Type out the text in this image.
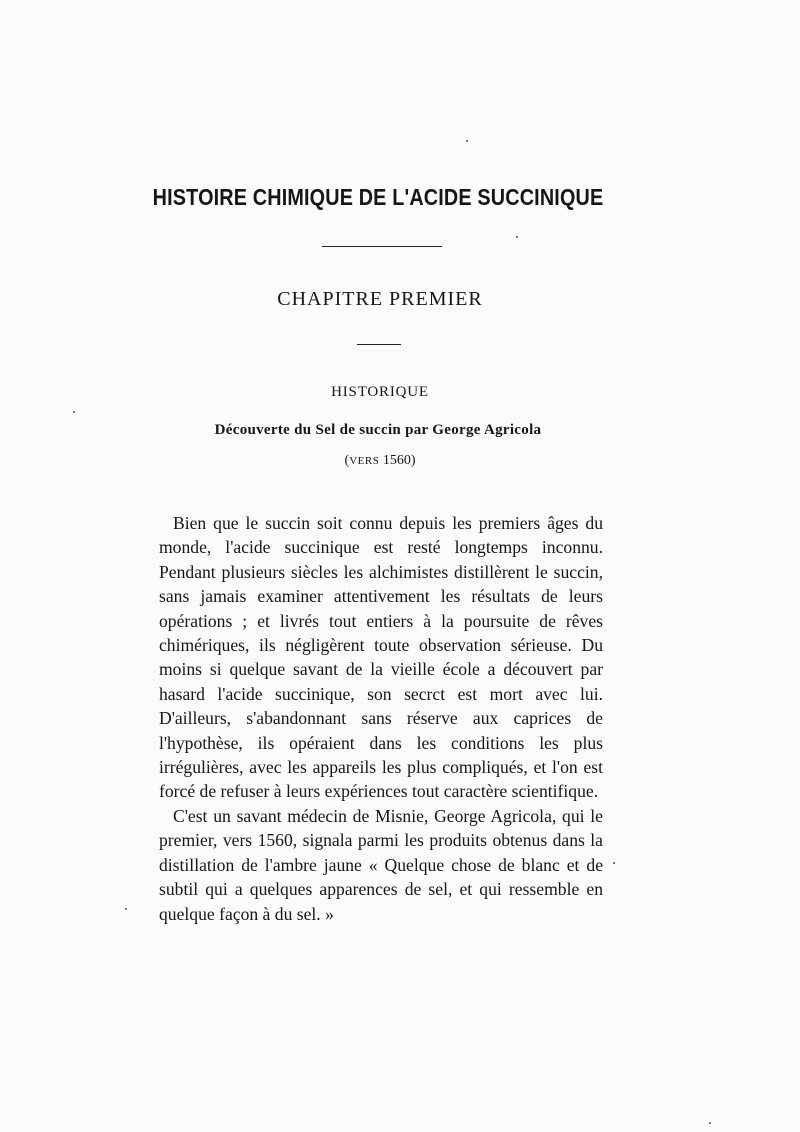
HISTOIRE CHIMIQUE DE L'ACIDE SUCCINIQUE
CHAPITRE PREMIER
HISTORIQUE
Découverte du Sel de succin par George Agricola
(VERS 1560)

Bien que le succin soit connu depuis les premiers âges du monde, l'acide succinique est resté longtemps inconnu. Pendant plusieurs siècles les alchimistes distillèrent le succin, sans jamais examiner attentivement les résultats de leurs opérations ; et livrés tout entiers à la poursuite de rêves chimériques, ils négligèrent toute observation sérieuse. Du moins si quelque savant de la vieille école a découvert par hasard l'acide succinique, son secrct est mort avec lui. D'ailleurs, s'abandonnant sans réserve aux caprices de l'hypothèse, ils opéraient dans les conditions les plus irrégulières, avec les appareils les plus compliqués, et l'on est forcé de refuser à leurs expériences tout caractère scientifique.

C'est un savant médecin de Misnie, George Agricola, qui le premier, vers 1560, signala parmi les produits obtenus dans la distillation de l'ambre jaune « Quelque chose de blanc et de subtil qui a quelques apparences de sel, et qui ressemble en quelque façon à du sel. »
